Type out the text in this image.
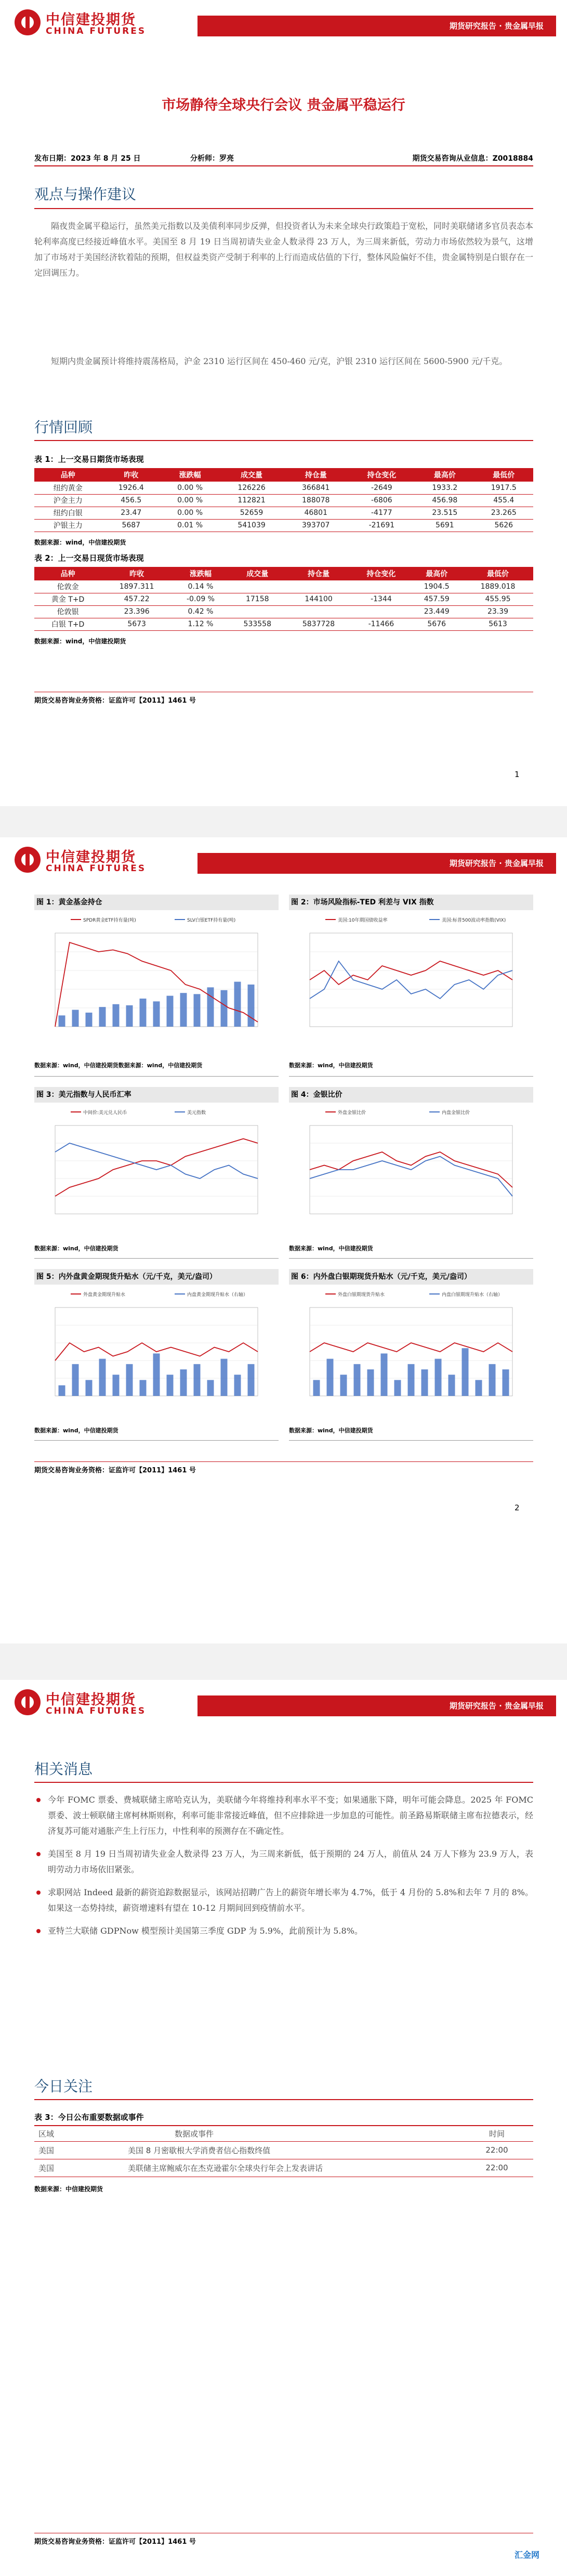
中信建投期货
CHINA FUTURES	期货研究报告 · 贵金属早报
市场静待全球央行会议 贵金属平稳运行
发布日期：2023 年 8 月 25 日	分析师：罗亮	期货交易咨询从业信息：Z0018884
观点与操作建议
隔夜贵金属平稳运行，虽然美元指数以及美债利率同步反弹，但投资者认为未来全球央行政策趋于宽松，同时美联储诸多官员表态本轮利率高度已经接近峰值水平。美国至 8 月 19 日当周初请失业金人数录得 23 万人，为三周来新低，劳动力市场依然较为景气，这增加了市场对于美国经济软着陆的预期，但权益类资产受制于利率的上行而造成估值的下行，整体风险偏好不佳，贵金属特别是白银存在一定回调压力。
短期内贵金属预计将维持震荡格局，沪金 2310 运行区间在 450-460 元/克，沪银 2310 运行区间在 5600-5900 元/千克。
行情回顾
表 1：上一交易日期货市场表现
品种	昨收	涨跌幅	成交量	持仓量	持仓变化	最高价	最低价
纽约黄金	1926.4	0.00 %	126226	366841	-2649	1933.2	1917.5
沪金主力	456.5	0.00 %	112821	188078	-6806	456.98	455.4
纽约白银	23.47	0.00 %	52659	46801	-4177	23.515	23.265
沪银主力	5687	0.01 %	541039	393707	-21691	5691	5626
数据来源：wind，中信建投期货
表 2：上一交易日现货市场表现
品种	昨收	涨跌幅	成交量	持仓量	持仓变化	最高价	最低价
伦敦金	1897.311	0.14 %				1904.5	1889.018
黄金 T+D	457.22	-0.09 %	17158	144100	-1344	457.59	455.95
伦敦银	23.396	0.42 %				23.449	23.39
白银 T+D	5673	1.12 %	533558	5837728	-11466	5676	5613
数据来源：wind，中信建投期货
期货交易咨询业务资格：证监许可【2011】1461 号
1
中信建投期货
CHINA FUTURES	期货研究报告 · 贵金属早报
图 1：黄金基金持仓
SPDR黄金ETF持有量(吨)	SLV白银ETF持有量(吨)
数据来源：wind，中信建投期货数据来源：wind，中信建投期货
图 2：市场风险指标-TED 利差与 VIX 指数
美国:10年期国债收益率	美国:标普500波动率指数(VIX)
数据来源：wind，中信建投期货
图 3：美元指数与人民币汇率
中间价:美元兑人民币	美元指数
数据来源：wind，中信建投期货
图 4：金银比价
外盘金银比价	内盘金银比价
数据来源：wind，中信建投期货
图 5：内外盘黄金期现货升贴水（元/千克，美元/盎司）
外盘黄金期现升贴水	内盘黄金期现升贴水（右轴）
数据来源：wind，中信建投期货
图 6：内外盘白银期现货升贴水（元/千克，美元/盎司）
外盘白银期现货升贴水	内盘白银期现升贴水（右轴）
数据来源：wind，中信建投期货
期货交易咨询业务资格：证监许可【2011】1461 号
2
中信建投期货
CHINA FUTURES	期货研究报告 · 贵金属早报
相关消息
今年 FOMC 票委、费城联储主席哈克认为，美联储今年将维持利率水平不变；如果通胀下降，明年可能会降息。2025 年 FOMC 票委、波士顿联储主席柯林斯则称，利率可能非常接近峰值，但不应排除进一步加息的可能性。前圣路易斯联储主席布拉德表示，经济复苏可能对通胀产生上行压力，中性利率的预测存在不确定性。
美国至 8 月 19 日当周初请失业金人数录得 23 万人，为三周来新低，低于预期的 24 万人，前值从 24 万人下修为 23.9 万人，表明劳动力市场依旧紧张。
求职网站 Indeed 最新的薪资追踪数据显示，该网站招聘广告上的薪资年增长率为 4.7%，低于 4 月份的 5.8%和去年 7 月的 8%。如果这一态势持续，薪资增速料有望在 10-12 月期间回到疫情前水平。
亚特兰大联储 GDPNow 模型预计美国第三季度 GDP 为 5.9%，此前预计为 5.8%。
今日关注
表 3：今日公布重要数据或事件
区域	数据或事件	时间
美国	美国 8 月密歇根大学消费者信心指数终值	22:00
美国	美联储主席鲍威尔在杰克逊霍尔全球央行年会上发表讲话	22:00
数据来源：中信建投期货
期货交易咨询业务资格：证监许可【2011】1461 号
汇金网
